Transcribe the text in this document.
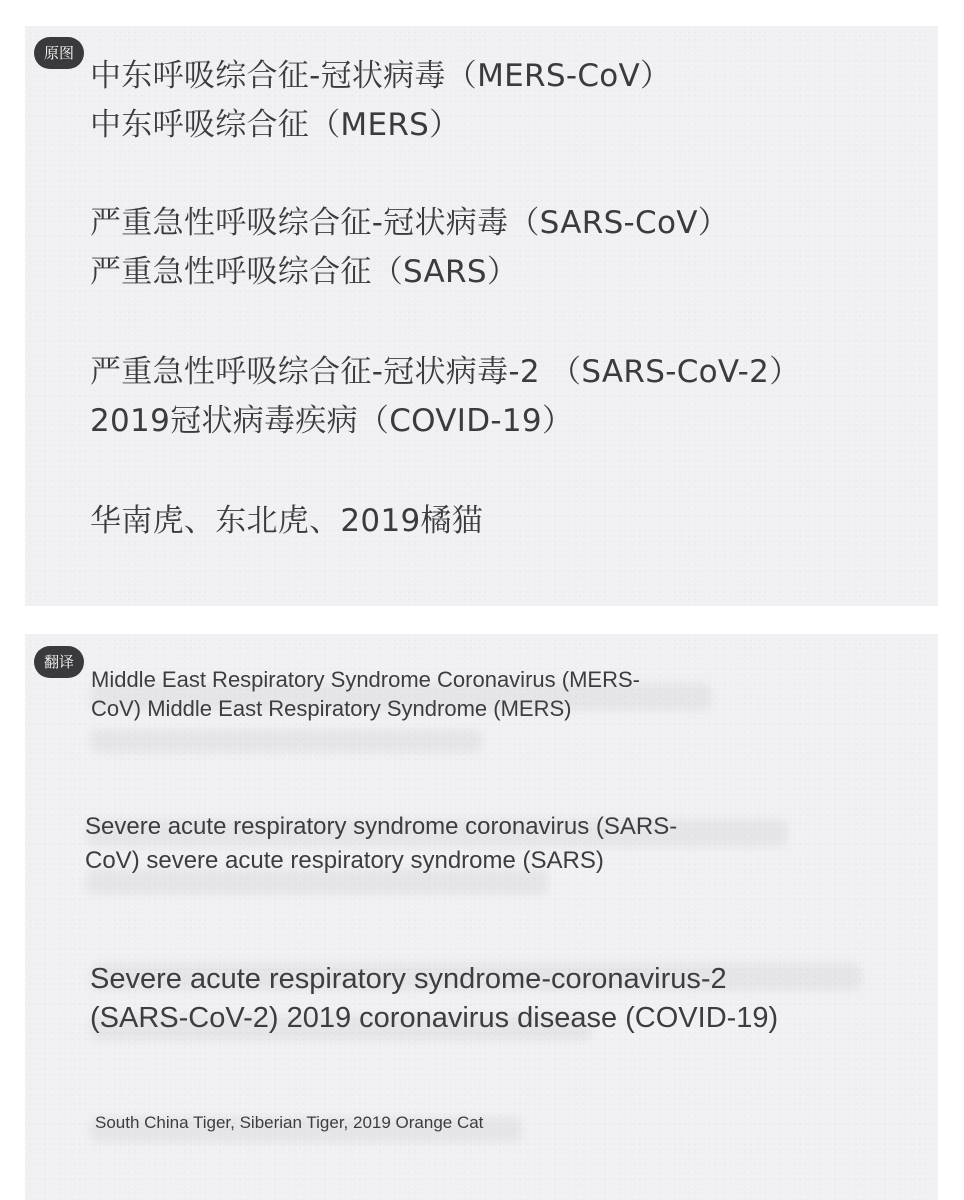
原图
中东呼吸综合征-冠状病毒（MERS-CoV）
中东呼吸综合征（MERS）
严重急性呼吸综合征-冠状病毒（SARS-CoV）
严重急性呼吸综合征（SARS）
严重急性呼吸综合征-冠状病毒-2 （SARS-CoV-2）
2019冠状病毒疾病（COVID-19）
华南虎、东北虎、2019橘猫
翻译
Middle East Respiratory Syndrome Coronavirus (MERS-
CoV) Middle East Respiratory Syndrome (MERS)
Severe acute respiratory syndrome coronavirus (SARS-
CoV) severe acute respiratory syndrome (SARS)
Severe acute respiratory syndrome-coronavirus-2
(SARS-CoV-2) 2019 coronavirus disease (COVID-19)
South China Tiger, Siberian Tiger, 2019 Orange Cat
